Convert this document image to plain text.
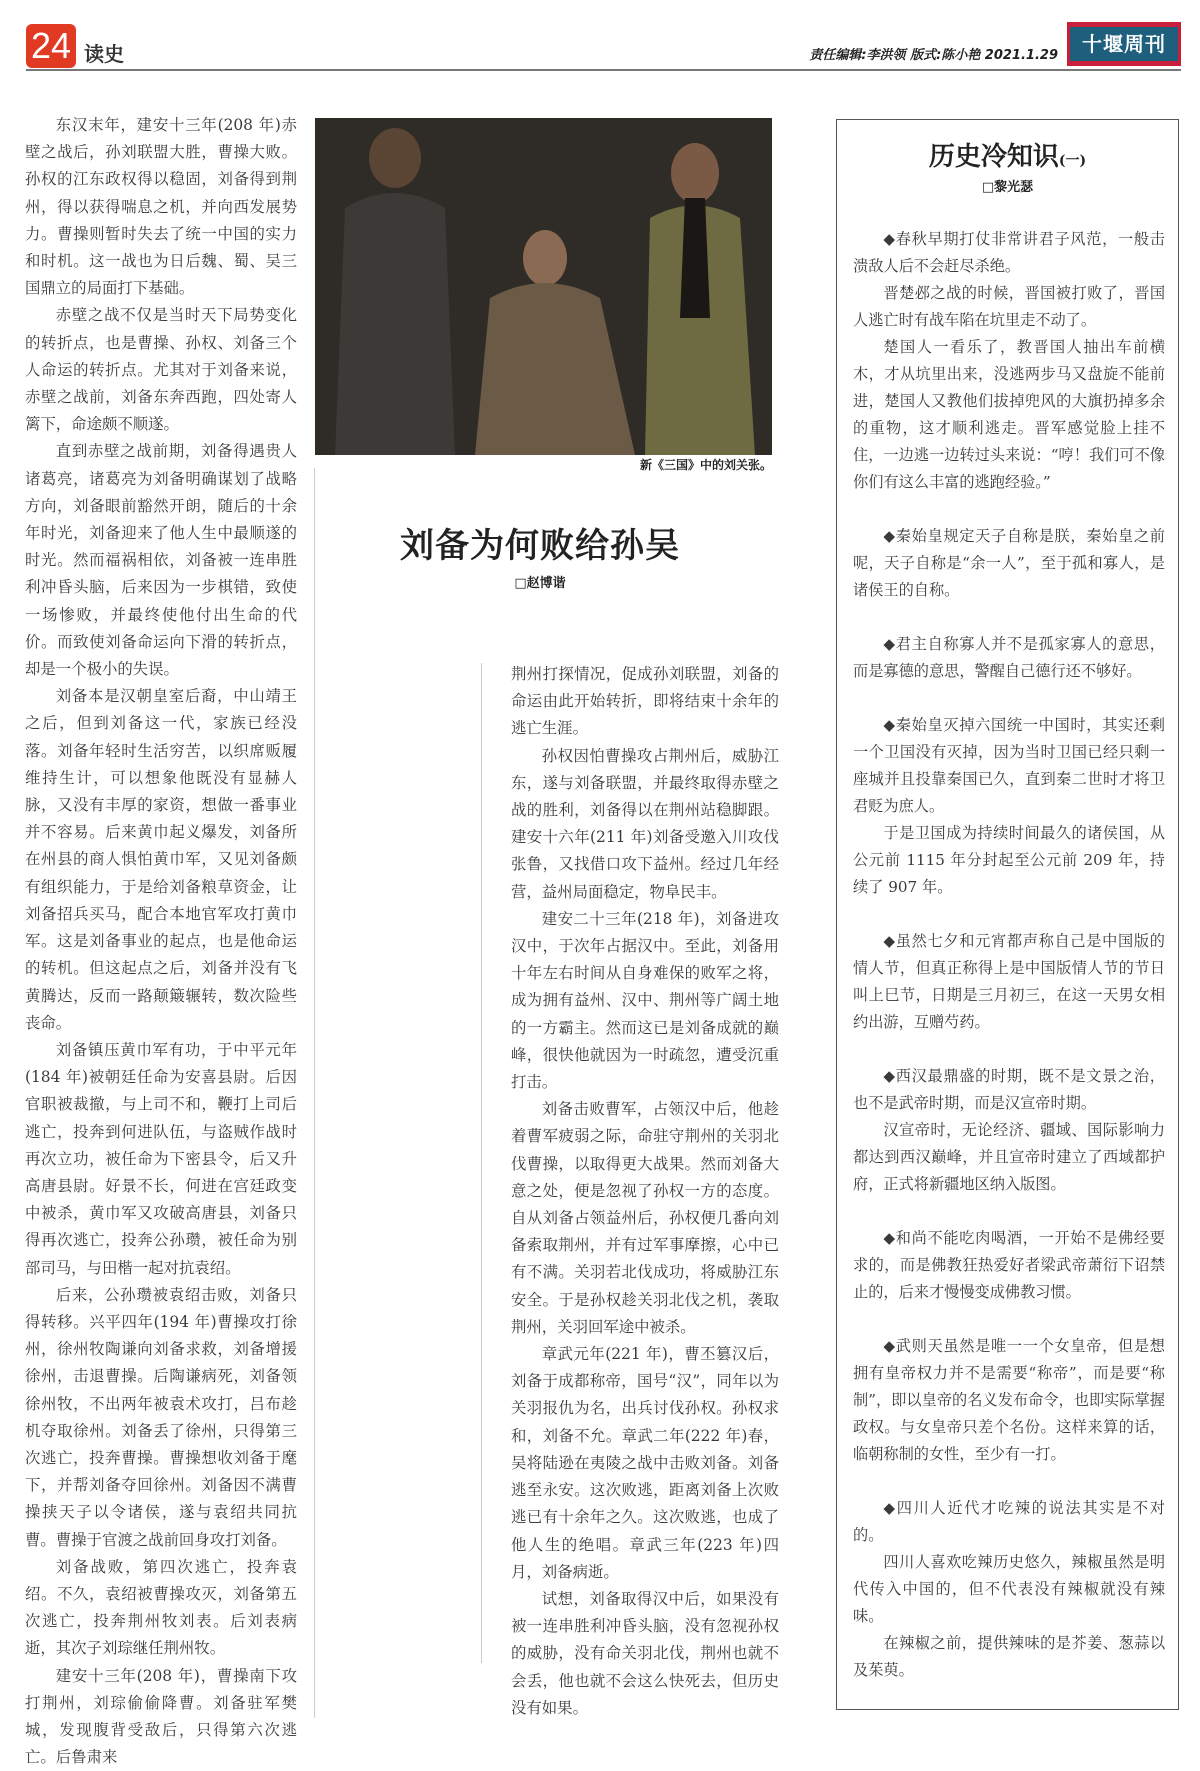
24 读史	责任编辑:李洪领 版式:陈小艳 2021.1.29	十堰周刊

东汉末年，建安十三年(208 年)赤壁之战后，孙刘联盟大胜，曹操大败。孙权的江东政权得以稳固，刘备得到荆州，得以获得喘息之机，并向西发展势力。曹操则暂时失去了统一中国的实力和时机。这一战也为日后魏、蜀、吴三国鼎立的局面打下基础。

赤壁之战不仅是当时天下局势变化的转折点，也是曹操、孙权、刘备三个人命运的转折点。尤其对于刘备来说，赤壁之战前，刘备东奔西跑，四处寄人篱下，命途颇不顺遂。

直到赤壁之战前期，刘备得遇贵人诸葛亮，诸葛亮为刘备明确谋划了战略方向，刘备眼前豁然开朗，随后的十余年时光，刘备迎来了他人生中最顺遂的时光。然而福祸相依，刘备被一连串胜利冲昏头脑，后来因为一步棋错，致使一场惨败，并最终使他付出生命的代价。而致使刘备命运向下滑的转折点，却是一个极小的失误。

刘备本是汉朝皇室后裔，中山靖王之后，但到刘备这一代，家族已经没落。刘备年轻时生活穷苦，以织席贩履维持生计，可以想象他既没有显赫人脉，又没有丰厚的家资，想做一番事业并不容易。后来黄巾起义爆发，刘备所在州县的商人惧怕黄巾军，又见刘备颇有组织能力，于是给刘备粮草资金，让刘备招兵买马，配合本地官军攻打黄巾军。这是刘备事业的起点，也是他命运的转机。但这起点之后，刘备并没有飞黄腾达，反而一路颠簸辗转，数次险些丧命。

刘备镇压黄巾军有功，于中平元年(184 年)被朝廷任命为安喜县尉。后因官职被裁撤，与上司不和，鞭打上司后逃亡，投奔到何进队伍，与盗贼作战时再次立功，被任命为下密县令，后又升高唐县尉。好景不长，何进在宫廷政变中被杀，黄巾军又攻破高唐县，刘备只得再次逃亡，投奔公孙瓒，被任命为别部司马，与田楷一起对抗袁绍。

后来，公孙瓒被袁绍击败，刘备只得转移。兴平四年(194 年)曹操攻打徐州，徐州牧陶谦向刘备求救，刘备增援徐州，击退曹操。后陶谦病死，刘备领徐州牧，不出两年被袁术攻打，吕布趁机夺取徐州。刘备丢了徐州，只得第三次逃亡，投奔曹操。曹操想收刘备于麾下，并帮刘备夺回徐州。刘备因不满曹操挟天子以令诸侯，遂与袁绍共同抗曹。曹操于官渡之战前回身攻打刘备。

刘备战败，第四次逃亡，投奔袁绍。不久，袁绍被曹操攻灭，刘备第五次逃亡，投奔荆州牧刘表。后刘表病逝，其次子刘琮继任荆州牧。

建安十三年(208 年)，曹操南下攻打荆州，刘琮偷偷降曹。刘备驻军樊城，发现腹背受敌后，只得第六次逃亡。后鲁肃来

新《三国》中的刘关张。
刘备为何败给孙吴
□赵博谐

荆州打探情况，促成孙刘联盟，刘备的命运由此开始转折，即将结束十余年的逃亡生涯。

孙权因怕曹操攻占荆州后，威胁江东，遂与刘备联盟，并最终取得赤壁之战的胜利，刘备得以在荆州站稳脚跟。建安十六年(211 年)刘备受邀入川攻伐张鲁，又找借口攻下益州。经过几年经营，益州局面稳定，物阜民丰。

建安二十三年(218 年)，刘备进攻汉中，于次年占据汉中。至此，刘备用十年左右时间从自身难保的败军之将，成为拥有益州、汉中、荆州等广阔土地的一方霸主。然而这已是刘备成就的巅峰，很快他就因为一时疏忽，遭受沉重打击。

刘备击败曹军，占领汉中后，他趁着曹军疲弱之际，命驻守荆州的关羽北伐曹操，以取得更大战果。然而刘备大意之处，便是忽视了孙权一方的态度。自从刘备占领益州后，孙权便几番向刘备索取荆州，并有过军事摩擦，心中已有不满。关羽若北伐成功，将威胁江东安全。于是孙权趁关羽北伐之机，袭取荆州，关羽回军途中被杀。

章武元年(221 年)，曹丕篡汉后，刘备于成都称帝，国号“汉”，同年以为关羽报仇为名，出兵讨伐孙权。孙权求和，刘备不允。章武二年(222 年)春，吴将陆逊在夷陵之战中击败刘备。刘备逃至永安。这次败逃，距离刘备上次败逃已有十余年之久。这次败逃，也成了他人生的绝唱。章武三年(223 年)四月，刘备病逝。

试想，刘备取得汉中后，如果没有被一连串胜利冲昏头脑，没有忽视孙权的威胁，没有命关羽北伐，荆州也就不会丢，他也就不会这么快死去，但历史没有如果。

历史冷知识(一)
□黎光瑟

◆春秋早期打仗非常讲君子风范，一般击溃敌人后不会赶尽杀绝。

晋楚邲之战的时候，晋国被打败了，晋国人逃亡时有战车陷在坑里走不动了。

楚国人一看乐了，教晋国人抽出车前横木，才从坑里出来，没逃两步马又盘旋不能前进，楚国人又教他们拔掉兜风的大旗扔掉多余的重物，这才顺利逃走。晋军感觉脸上挂不住，一边逃一边转过头来说：“哼！我们可不像你们有这么丰富的逃跑经验。”

◆秦始皇规定天子自称是朕，秦始皇之前呢，天子自称是“余一人”，至于孤和寡人，是诸侯王的自称。

◆君主自称寡人并不是孤家寡人的意思，而是寡德的意思，警醒自己德行还不够好。

◆秦始皇灭掉六国统一中国时，其实还剩一个卫国没有灭掉，因为当时卫国已经只剩一座城并且投靠秦国已久，直到秦二世时才将卫君贬为庶人。

于是卫国成为持续时间最久的诸侯国，从公元前 1115 年分封起至公元前 209 年，持续了 907 年。

◆虽然七夕和元宵都声称自己是中国版的情人节，但真正称得上是中国版情人节的节日叫上巳节，日期是三月初三，在这一天男女相约出游，互赠芍药。

◆西汉最鼎盛的时期，既不是文景之治，也不是武帝时期，而是汉宣帝时期。

汉宣帝时，无论经济、疆域、国际影响力都达到西汉巅峰，并且宣帝时建立了西域都护府，正式将新疆地区纳入版图。

◆和尚不能吃肉喝酒，一开始不是佛经要求的，而是佛教狂热爱好者梁武帝萧衍下诏禁止的，后来才慢慢变成佛教习惯。

◆武则天虽然是唯一一个女皇帝，但是想拥有皇帝权力并不是需要“称帝”，而是要“称制”，即以皇帝的名义发布命令，也即实际掌握政权。与女皇帝只差个名份。这样来算的话，临朝称制的女性，至少有一打。

◆四川人近代才吃辣的说法其实是不对的。

四川人喜欢吃辣历史悠久，辣椒虽然是明代传入中国的，但不代表没有辣椒就没有辣味。

在辣椒之前，提供辣味的是芥姜、葱蒜以及茱萸。
